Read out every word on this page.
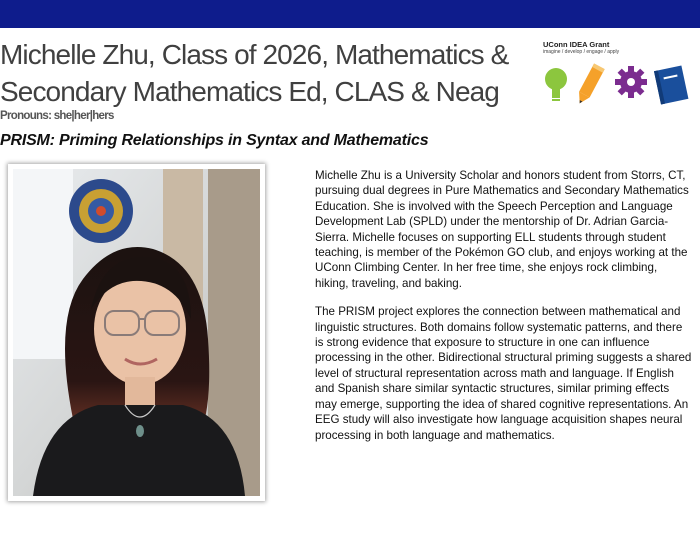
Michelle Zhu, Class of 2026, Mathematics &
Secondary Mathematics Ed, CLAS & Neag
Pronouns: she|her|hers
PRISM: Priming Relationships in Syntax and Mathematics
UConn IDEA Grant
imagine / develop / engage / apply

Michelle Zhu is a University Scholar and honors student from Storrs, CT, pursuing dual degrees in Pure Mathematics and Secondary Mathematics Education. She is involved with the Speech Perception and Language Development Lab (SPLD) under the mentorship of Dr. Adrian Garcia-Sierra. Michelle focuses on supporting ELL students through student teaching, is member of the Pokémon GO club, and enjoys working at the UConn Climbing Center. In her free time, she enjoys rock climbing, hiking, traveling, and baking.

The PRISM project explores the connection between mathematical and linguistic structures. Both domains follow systematic patterns, and there is strong evidence that exposure to structure in one can influence processing in the other. Bidirectional structural priming suggests a shared level of structural representation across math and language. If English and Spanish share similar syntactic structures, similar priming effects may emerge, supporting the idea of shared cognitive representations. An EEG study will also investigate how language acquisition shapes neural processing in both language and mathematics.
